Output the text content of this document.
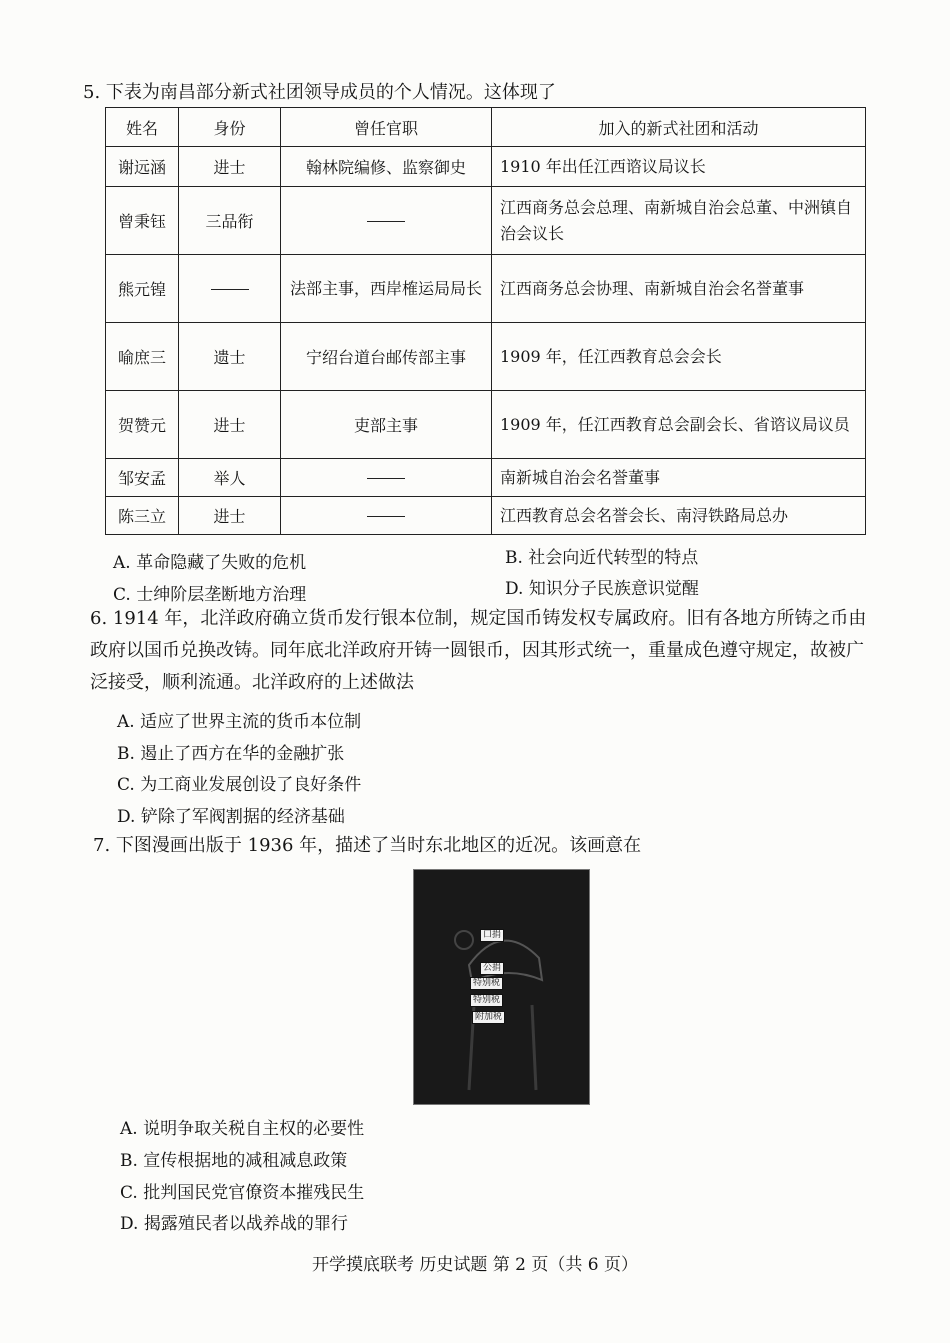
5. 下表为南昌部分新式社团领导成员的个人情况。这体现了
姓名	身份	曾任官职	加入的新式社团和活动
谢远涵	进士	翰林院编修、监察御史	1910 年出任江西谘议局议长
曾秉钰	三品衔		江西商务总会总理、南新城自治会总董、中洲镇自治会议长
熊元锽		法部主事，西岸榷运局局长	江西商务总会协理、南新城自治会名誉董事
喻庶三	遗士	宁绍台道台邮传部主事	1909 年，任江西教育总会会长
贺赞元	进士	吏部主事	1909 年，任江西教育总会副会长、省谘议局议员
邹安孟	举人		南新城自治会名誉董事
陈三立	进士		江西教育总会名誉会长、南浔铁路局总办
A. 革命隐藏了失败的危机	B. 社会向近代转型的特点
C. 士绅阶层垄断地方治理	D. 知识分子民族意识觉醒
6. 1914 年，北洋政府确立货币发行银本位制，规定国币铸发权专属政府。旧有各地方所铸之币由政府以国币兑换改铸。同年底北洋政府开铸一圆银币，因其形式统一，重量成色遵守规定，故被广泛接受，顺利流通。北洋政府的上述做法
A. 适应了世界主流的货币本位制
B. 遏止了西方在华的金融扩张
C. 为工商业发展创设了良好条件
D. 铲除了军阀割据的经济基础
7. 下图漫画出版于 1936 年，描述了当时东北地区的近况。该画意在
口捐
公捐
特别税
特别税
附加税
A. 说明争取关税自主权的必要性
B. 宣传根据地的减租减息政策
C. 批判国民党官僚资本摧残民生
D. 揭露殖民者以战养战的罪行
开学摸底联考 历史试题 第 2 页（共 6 页）
